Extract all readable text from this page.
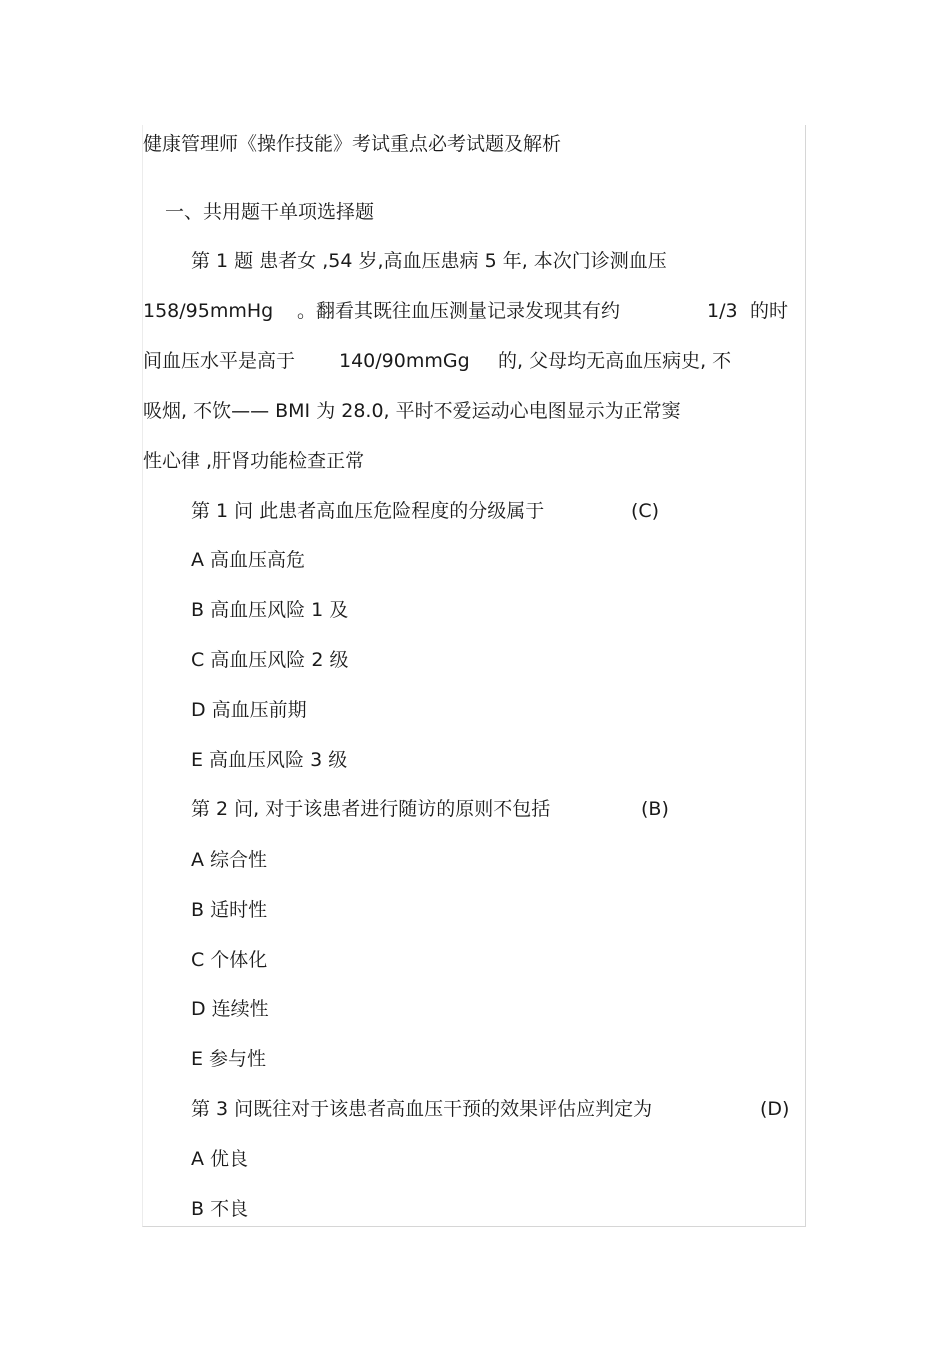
健康管理师《操作技能》考试重点必考试题及解析

一、共用题干单项选择题

第 1 题 患者女 ,54 岁,高血压患病 5 年, 本次门诊测血压

158/95mmHg 。翻看其既往血压测量记录发现其有约	1/3 的时
间血压水平是高于 140/90mmGg 的, 父母均无高血压病史, 不

吸烟, 不饮—— BMI 为 28.0, 平时不爱运动心电图显示为正常窦

性心律 ,肝肾功能检查正常

第 1 问 此患者高血压危险程度的分级属于	(C)

A 高血压高危

B 高血压风险 1 及

C 高血压风险 2 级

D 高血压前期

E 高血压风险 3 级

第 2 问, 对于该患者进行随访的原则不包括	(B)

A 综合性

B 适时性

C 个体化

D 连续性

E 参与性

第 3 问既往对于该患者高血压干预的效果评估应判定为	(D)

A 优良

B 不良
